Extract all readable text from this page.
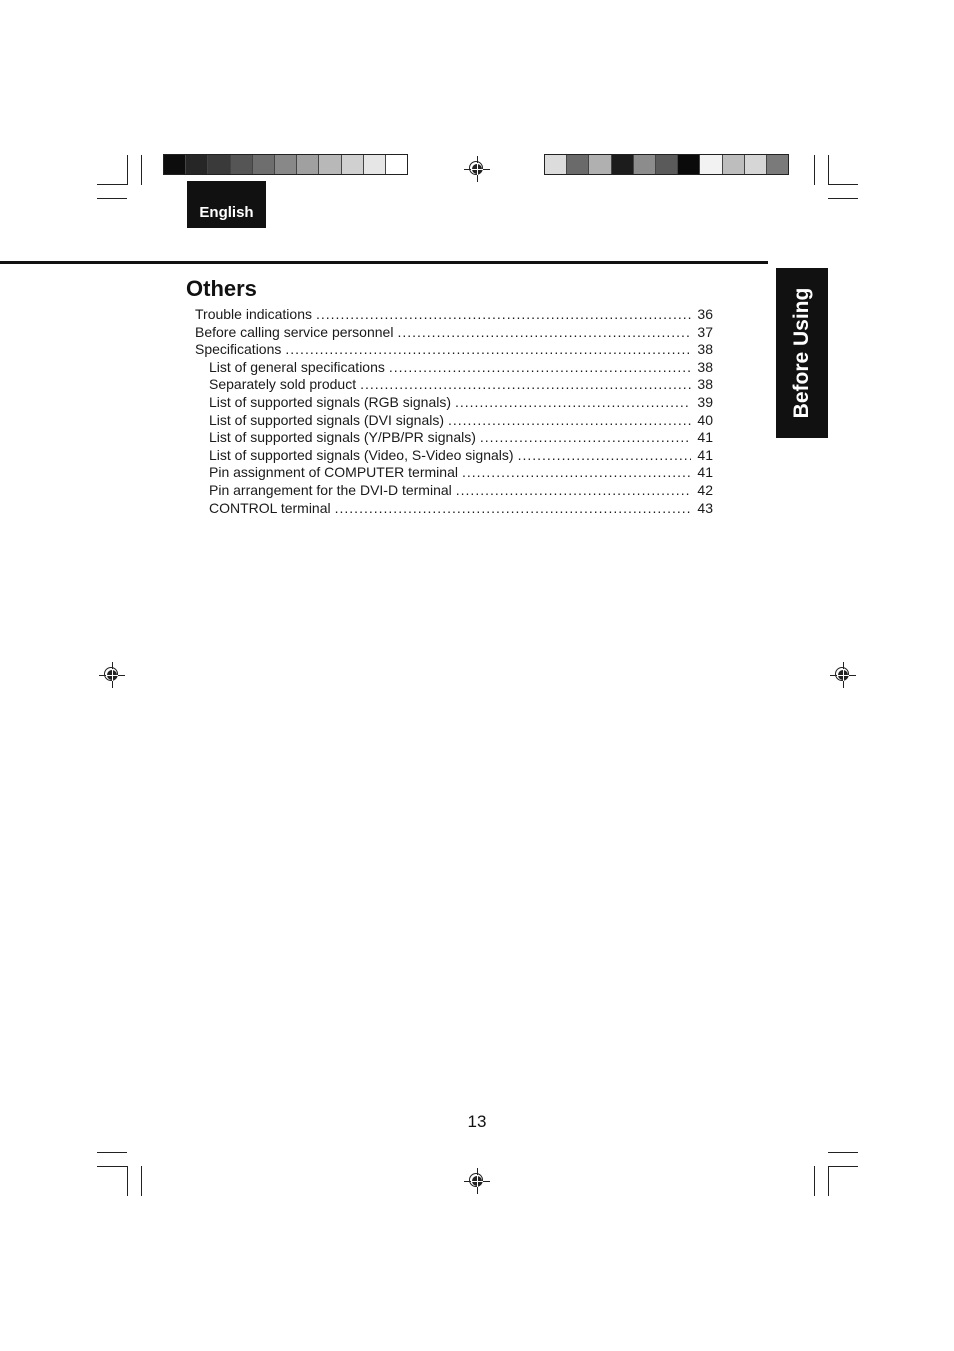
English
Before Using
Others
Trouble indications .....	36
Before calling service personnel .....	37
Specifications .....	38
List of general specifications .....	38
Separately sold product .....	38
List of supported signals (RGB signals) .....	39
List of supported signals (DVI signals) .....	40
List of supported signals (Y/PB/PR signals) .....	41
List of supported signals (Video, S-Video signals) .....	41
Pin assignment of COMPUTER terminal .....	41
Pin arrangement for the DVI-D terminal .....	42
CONTROL terminal .....	43
13
